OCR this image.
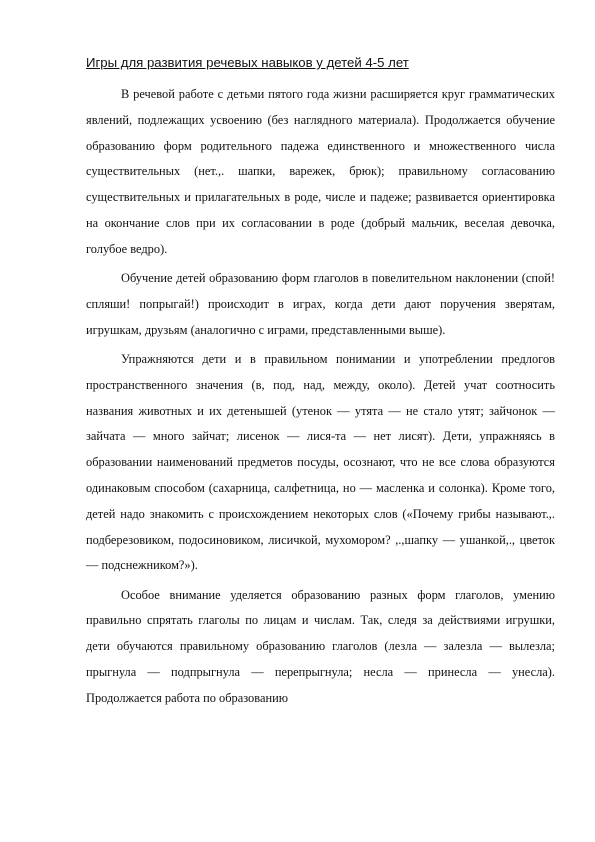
Игры для развития речевых навыков у детей 4-5 лет

В речевой работе с детьми пятого года жизни расширяется круг грамматических явлений, подлежащих усвоению (без наглядного материала). Продолжается обучение образованию форм родительного падежа единственного и множественного числа существительных (нет.,. шапки, варежек, брюк); правильному согласованию существительных и прилагательных в роде, числе и падеже; развивается ориентировка на окончание слов при их согласовании в роде (добрый мальчик, веселая девочка, голубое ведро).

Обучение детей образованию форм глаголов в повелительном наклонении (спой! спляши! попрыгай!) происходит в играх, когда дети дают поручения зверятам, игрушкам, друзьям (аналогично с играми, представленными выше).

Упражняются дети и в правильном понимании и употреблении предлогов пространственного значения (в, под, над, между, около). Детей учат соотносить названия животных и их детенышей (утенок — утята — не стало утят; зайчонок — зайчата — много зайчат; лисенок — лися-та — нет лисят). Дети, упражняясь в образовании наименований предметов посуды, осознают, что не все слова образуются одинаковым способом (сахарница, салфетница, но — масленка и солонка). Кроме того, детей надо знакомить с происхождением некоторых слов («Почему грибы называют.,. подберезовиком, подосиновиком, лисичкой, мухомором? ,.,шапку — ушанкой,., цветок — подснежником?»).

Особое внимание уделяется образованию разных форм глаголов, умению правильно спрятать глаголы по лицам и числам. Так, следя за действиями игрушки, дети обучаются правильному образованию глаголов (лезла — залезла — вылезла; прыгнула — подпрыгнула — перепрыгнула; несла — принесла — унесла). Продолжается работа по образованию
